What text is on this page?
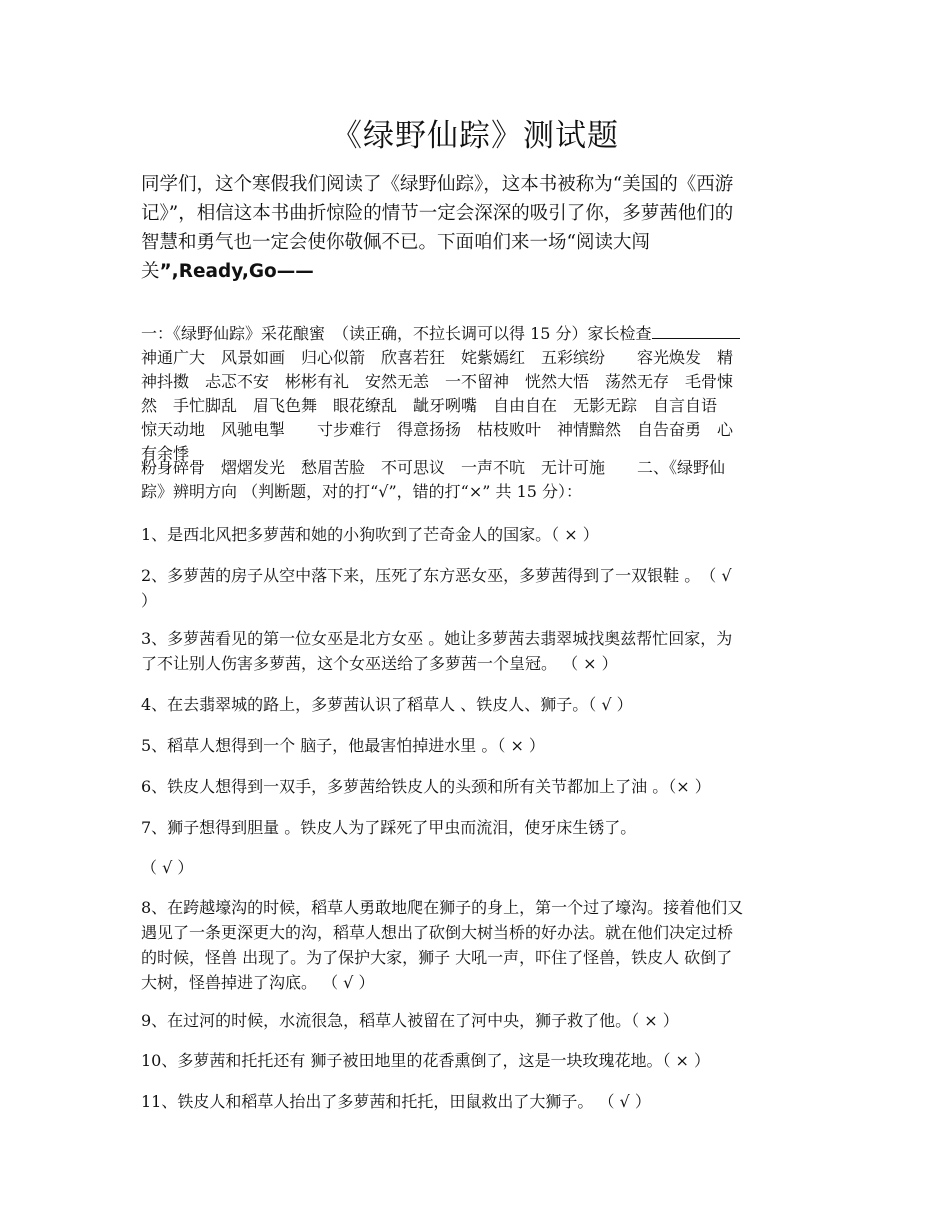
《绿野仙踪》测试题
同学们，这个寒假我们阅读了《绿野仙踪》，这本书被称为“美国的《西游
记》”，相信这本书曲折惊险的情节一定会深深的吸引了你，多萝茜他们的
智慧和勇气也一定会使你敬佩不已。下面咱们来一场“阅读大闯
关”,Ready,Go——
一：《绿野仙踪》采花酿蜜　（读正确，不拉长调可以得 15 分）家长检查
神通广大　风景如画　归心似箭　欣喜若狂　姹紫嫣红　五彩缤纷　　容光焕发　精
神抖擞　忐忑不安　彬彬有礼　安然无恙　一不留神　恍然大悟　荡然无存　毛骨悚
然　手忙脚乱　眉飞色舞　眼花缭乱　龇牙咧嘴　自由自在　无影无踪　自言自语
惊天动地　风驰电掣　　寸步难行　得意扬扬　枯枝败叶　神情黯然　自告奋勇　心
有余悸
粉身碎骨　熠熠发光　愁眉苦脸　不可思议　一声不吭　无计可施　　二、《绿野仙
踪》辨明方向 （判断题，对的打“√”，错的打“×” 共 15 分）：
1、是西北风把多萝茜和她的小狗吹到了芒奇金人的国家。（ × ）
2、多萝茜的房子从空中落下来，压死了东方恶女巫，多萝茜得到了一双银鞋 。　（ √
）
3、多萝茜看见的第一位女巫是北方女巫 。她让多萝茜去翡翠城找奥兹帮忙回家，为
了不让别人伤害多萝茜，这个女巫送给了多萝茜一个皇冠。 （ × ）
4、在去翡翠城的路上，多萝茜认识了稻草人 、铁皮人、狮子。（ √ ）
5、稻草人想得到一个 脑子，他最害怕掉进水里 。（ × ）
6、铁皮人想得到一双手，多萝茜给铁皮人的头颈和所有关节都加上了油 。（× ）
7、狮子想得到胆量 。铁皮人为了踩死了甲虫而流泪，使牙床生锈了。
（ √ ）
8、在跨越壕沟的时候，稻草人勇敢地爬在狮子的身上，第一个过了壕沟。接着他们又
遇见了一条更深更大的沟，稻草人想出了砍倒大树当桥的好办法。就在他们决定过桥
的时候，怪兽 出现了。为了保护大家，狮子 大吼一声，吓住了怪兽，铁皮人 砍倒了
大树，怪兽掉进了沟底。 （ √ ）
9、在过河的时候，水流很急，稻草人被留在了河中央，狮子救了他。（ × ）
10、多萝茜和托托还有 狮子被田地里的花香熏倒了，这是一块玫瑰花地。（ × ）
11、铁皮人和稻草人抬出了多萝茜和托托，田鼠救出了大狮子。 （ √ ）
